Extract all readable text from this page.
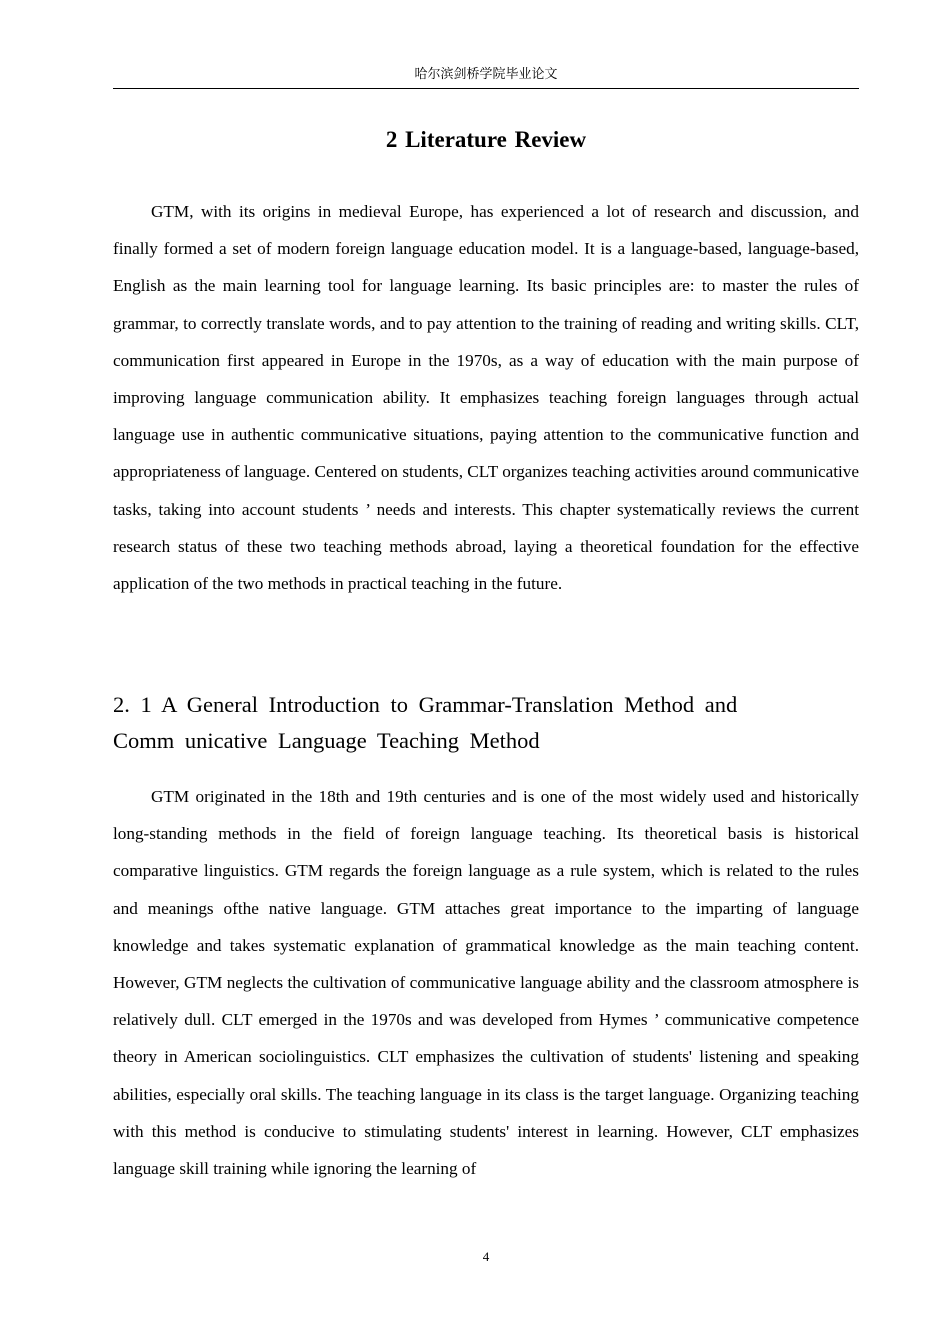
哈尔滨剑桥学院毕业论文
2 Literature Review

GTM, with its origins in medieval Europe, has experienced a lot of research and discussion, and finally formed a set of modern foreign language education model. It is a language-based, language-based, English as the main learning tool for language learning. Its basic principles are: to master the rules of grammar, to correctly translate words, and to pay attention to the training of reading and writing skills. CLT, communication first appeared in Europe in the 1970s, as a way of education with the main purpose of improving language communication ability. It emphasizes teaching foreign languages through actual language use in authentic communicative situations, paying attention to the communicative function and appropriateness of language. Centered on students, CLT organizes teaching activities around communicative tasks, taking into account students ’ needs and interests. This chapter systematically reviews the current research status of these two teaching methods abroad, laying a theoretical foundation for the effective application of the two methods in practical teaching in the future.

2. 1 A General Introduction to Grammar-Translation Method and Comm unicative Language Teaching Method

GTM originated in the 18th and 19th centuries and is one of the most widely used and historically long-standing methods in the field of foreign language teaching. Its theoretical basis is historical comparative linguistics. GTM regards the foreign language as a rule system, which is related to the rules and meanings ofthe native language. GTM attaches great importance to the imparting of language knowledge and takes systematic explanation of grammatical knowledge as the main teaching content. However, GTM neglects the cultivation of communicative language ability and the classroom atmosphere is relatively dull. CLT emerged in the 1970s and was developed from Hymes ’ communicative competence theory in American sociolinguistics. CLT emphasizes the cultivation of students' listening and speaking abilities, especially oral skills. The teaching language in its class is the target language. Organizing teaching with this method is conducive to stimulating students' interest in learning. However, CLT emphasizes language skill training while ignoring the learning of

4
